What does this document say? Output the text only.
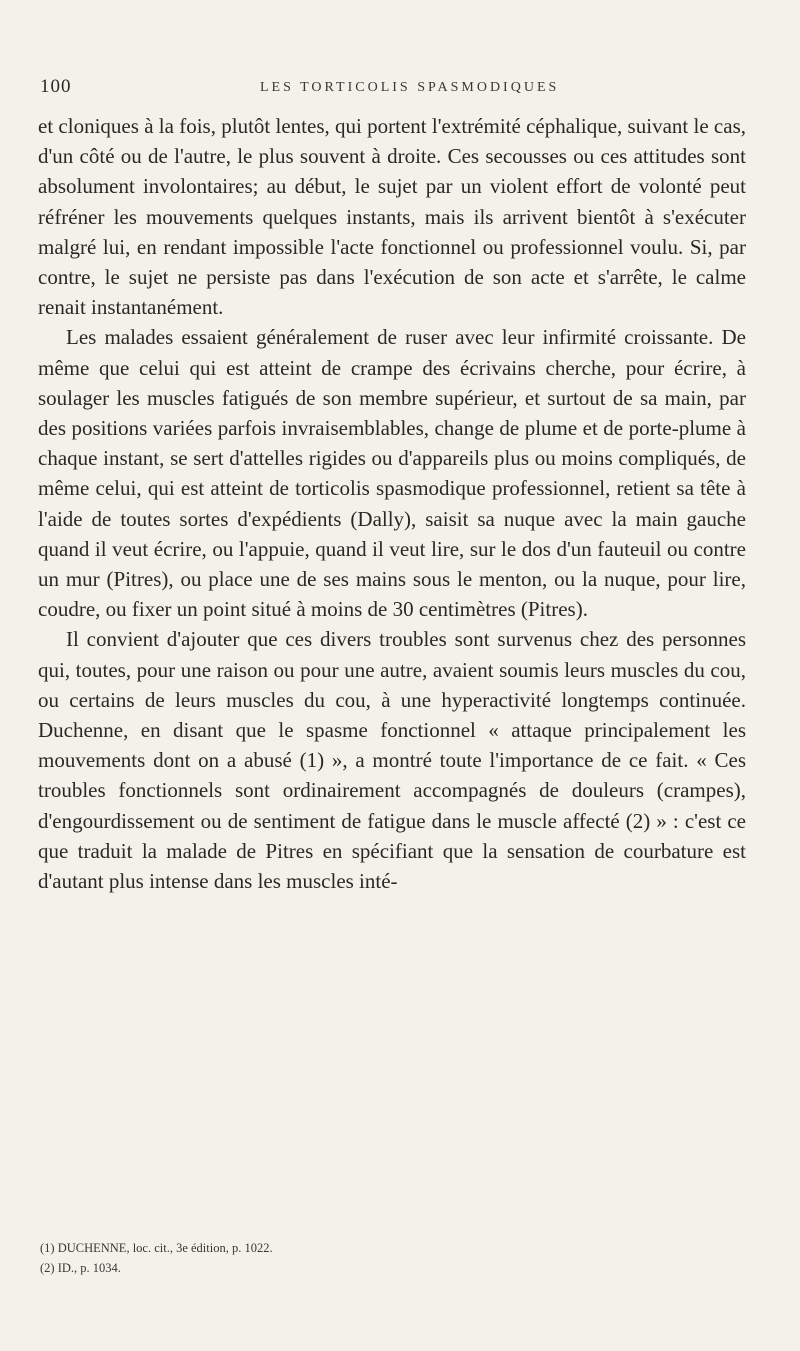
100	LES TORTICOLIS SPASMODIQUES

et cloniques à la fois, plutôt lentes, qui portent l'extrémité céphalique, suivant le cas, d'un côté ou de l'autre, le plus souvent à droite. Ces secousses ou ces attitudes sont absolument involontaires; au début, le sujet par un violent effort de volonté peut réfréner les mouvements quelques instants, mais ils arrivent bientôt à s'exécuter malgré lui, en rendant impossible l'acte fonctionnel ou professionnel voulu. Si, par contre, le sujet ne persiste pas dans l'exécution de son acte et s'arrête, le calme renait instantanément.

Les malades essaient généralement de ruser avec leur infirmité croissante. De même que celui qui est atteint de crampe des écrivains cherche, pour écrire, à soulager les muscles fatigués de son membre supérieur, et surtout de sa main, par des positions variées parfois invraisemblables, change de plume et de porte-plume à chaque instant, se sert d'attelles rigides ou d'appareils plus ou moins compliqués, de même celui, qui est atteint de torticolis spasmodique professionnel, retient sa tête à l'aide de toutes sortes d'expédients (Dally), saisit sa nuque avec la main gauche quand il veut écrire, ou l'appuie, quand il veut lire, sur le dos d'un fauteuil ou contre un mur (Pitres), ou place une de ses mains sous le menton, ou la nuque, pour lire, coudre, ou fixer un point situé à moins de 30 centimètres (Pitres).

Il convient d'ajouter que ces divers troubles sont survenus chez des personnes qui, toutes, pour une raison ou pour une autre, avaient soumis leurs muscles du cou, ou certains de leurs muscles du cou, à une hyperactivité longtemps continuée. Duchenne, en disant que le spasme fonctionnel « attaque principalement les mouvements dont on a abusé (1) », a montré toute l'importance de ce fait. « Ces troubles fonctionnels sont ordinairement accompagnés de douleurs (crampes), d'engourdissement ou de sentiment de fatigue dans le muscle affecté (2) » : c'est ce que traduit la malade de Pitres en spécifiant que la sensation de courbature est d'autant plus intense dans les muscles inté-

(1) DUCHENNE, loc. cit., 3e édition, p. 1022.
(2) ID., p. 1034.
